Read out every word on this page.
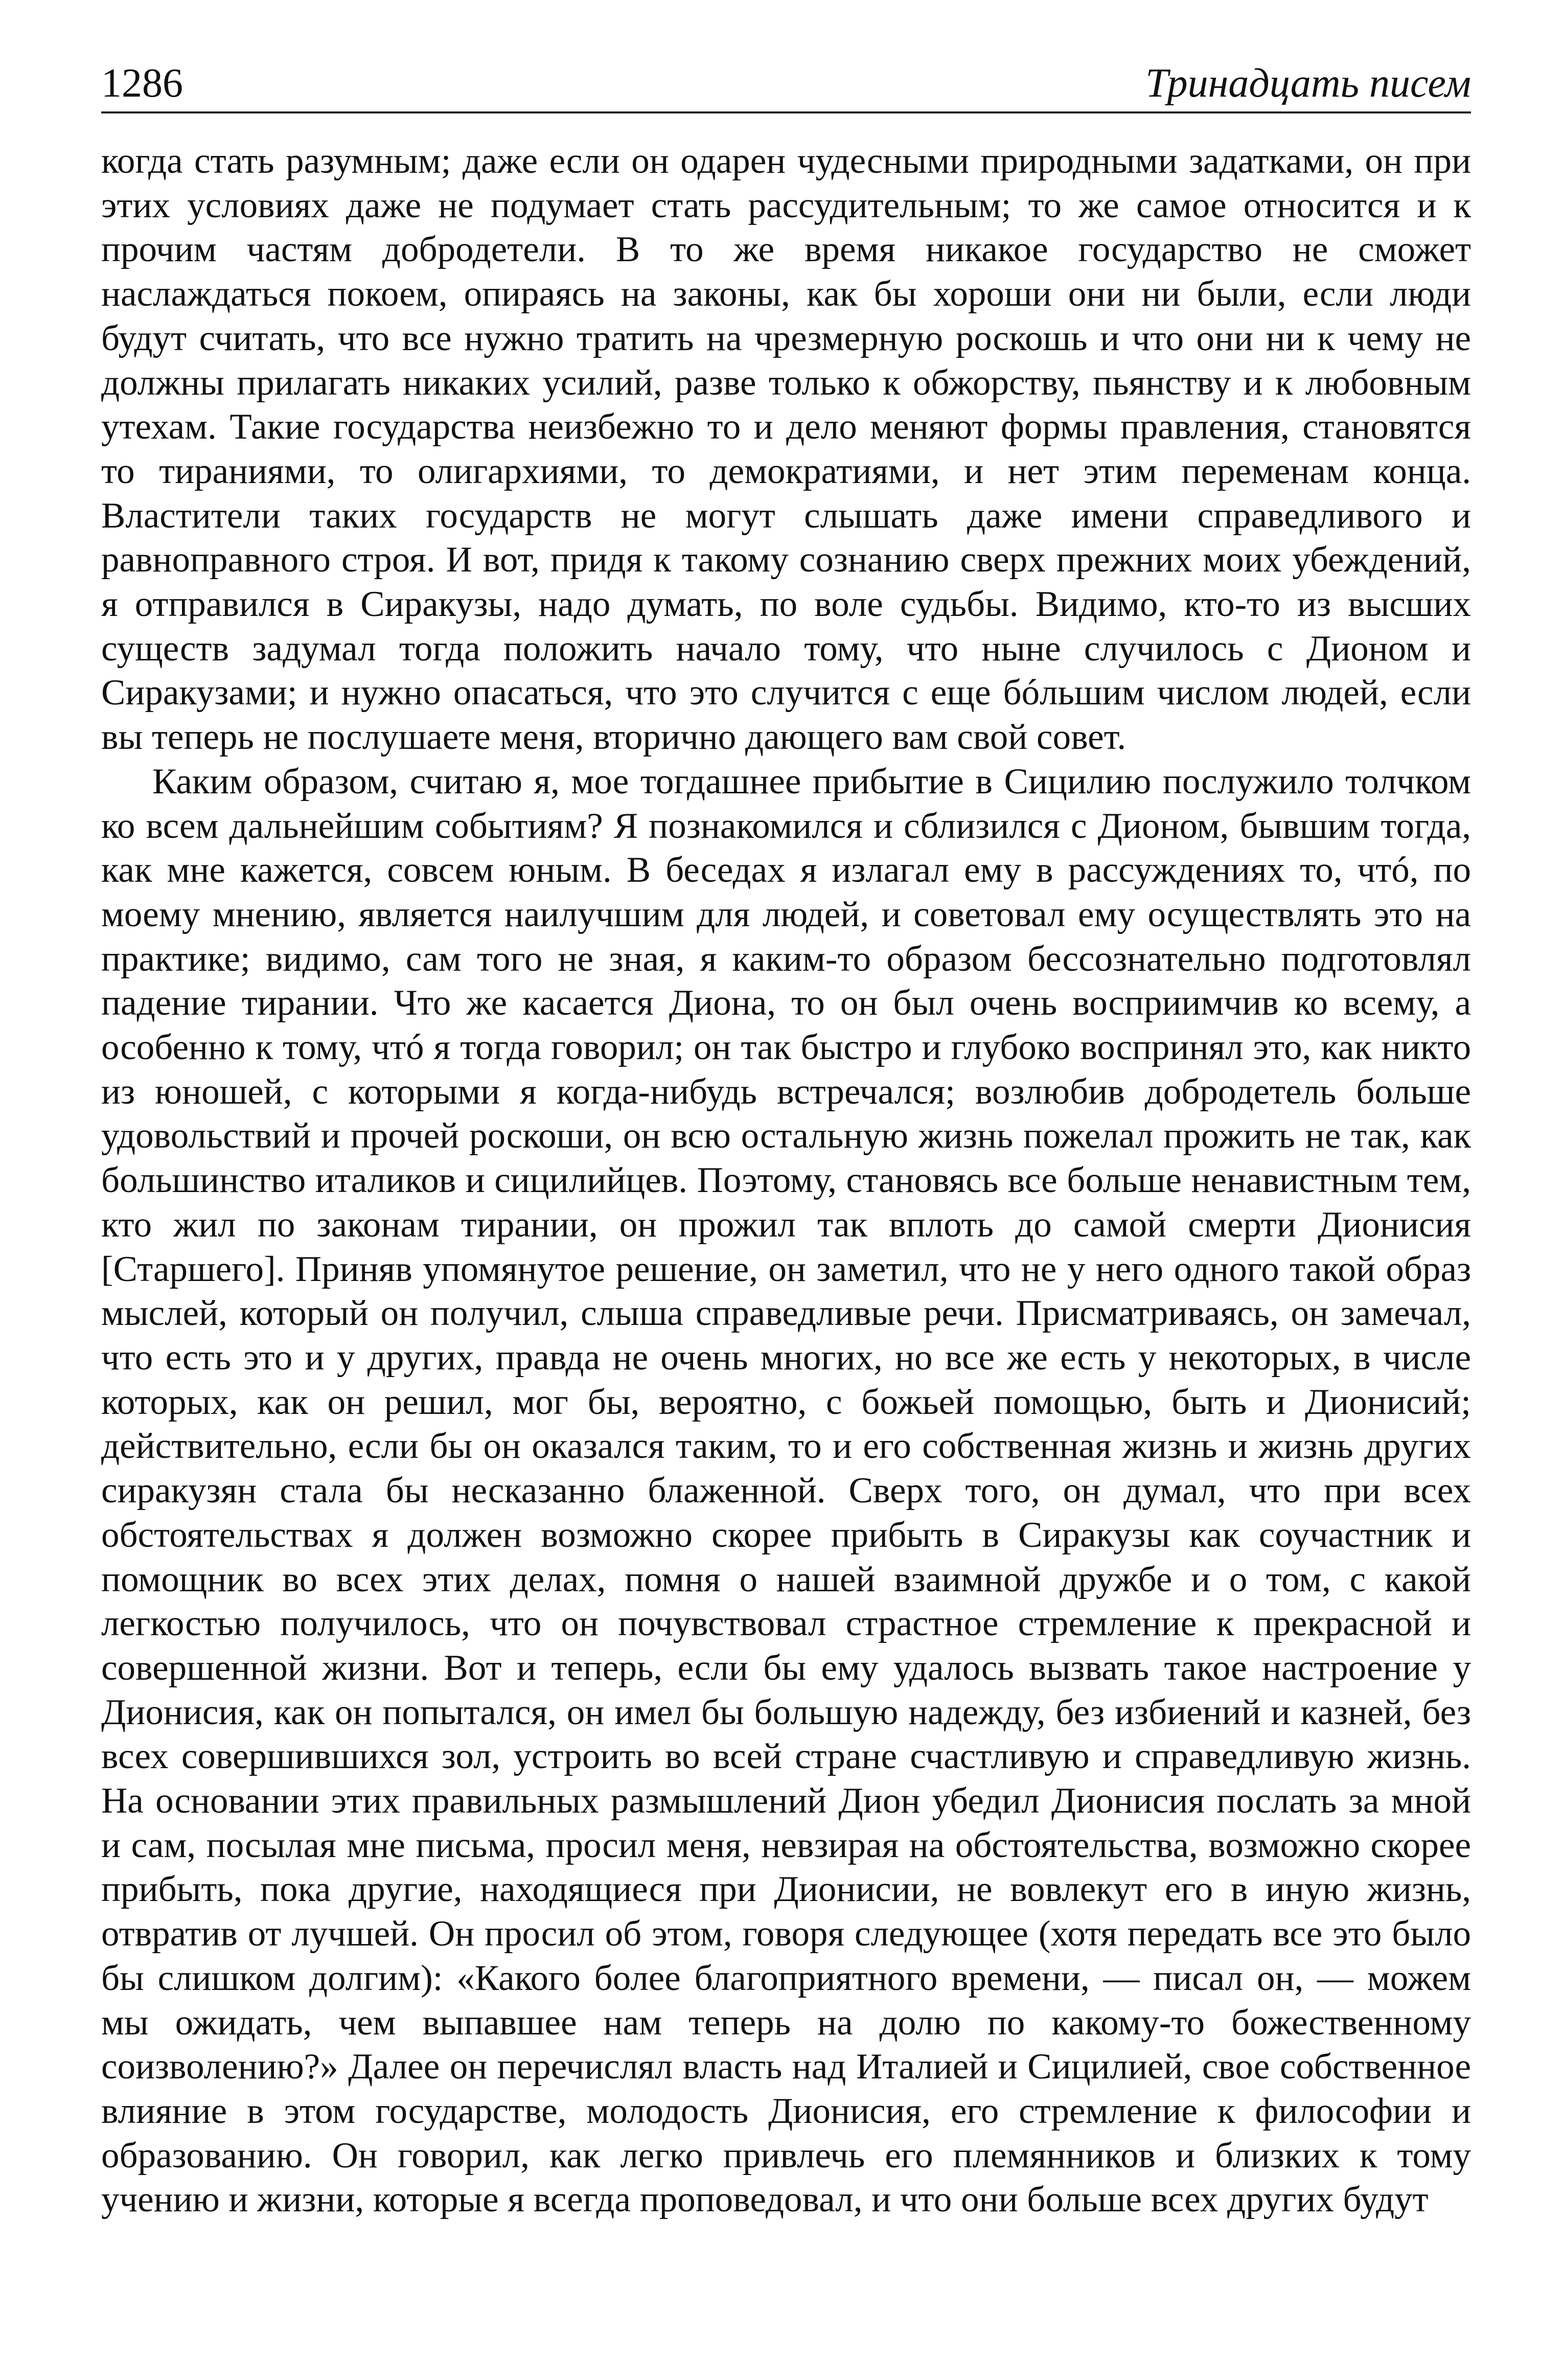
1286	Тринадцать писем

когда стать разумным; даже если он одарен чудесными природными задатками, он при этих условиях даже не подумает стать рассудительным; то же самое относится и к прочим частям добродетели. В то же время никакое государство не сможет наслаждаться покоем, опираясь на законы, как бы хороши они ни были, если люди будут считать, что все нужно тратить на чрезмерную роскошь и что они ни к чему не должны прилагать никаких усилий, разве только к обжорству, пьянству и к любовным утехам. Такие государства неизбежно то и дело меняют формы правления, становятся то тираниями, то олигархиями, то демократиями, и нет этим переменам конца. Властители таких государств не могут слышать даже имени справедливого и равноправного строя. И вот, придя к такому сознанию сверх прежних моих убеждений, я отправился в Сиракузы, надо думать, по воле судьбы. Видимо, кто-то из высших существ задумал тогда положить начало тому, что ныне случилось с Дионом и Сиракузами; и нужно опасаться, что это случится с еще бóльшим числом людей, если вы теперь не послушаете меня, вторично дающего вам свой совет.

Каким образом, считаю я, мое тогдашнее прибытие в Сицилию послужило толчком ко всем дальнейшим событиям? Я познакомился и сблизился с Дионом, бывшим тогда, как мне кажется, совсем юным. В беседах я излагал ему в рассуждениях то, чтó, по моему мнению, является наилучшим для людей, и советовал ему осуществлять это на практике; видимо, сам того не зная, я каким-то образом бессознательно подготовлял падение тирании. Что же касается Диона, то он был очень восприимчив ко всему, а особенно к тому, чтó я тогда говорил; он так быстро и глубоко воспринял это, как никто из юношей, с которыми я когда-нибудь встречался; возлюбив добродетель больше удовольствий и прочей роскоши, он всю остальную жизнь пожелал прожить не так, как большинство италиков и сицилийцев. Поэтому, становясь все больше ненавистным тем, кто жил по законам тирании, он прожил так вплоть до самой смерти Дионисия [Старшего]. Приняв упомянутое решение, он заметил, что не у него одного такой образ мыслей, который он получил, слыша справедливые речи. Присматриваясь, он замечал, что есть это и у других, правда не очень многих, но все же есть у некоторых, в числе которых, как он решил, мог бы, вероятно, с божьей помощью, быть и Дионисий; действительно, если бы он оказался таким, то и его собственная жизнь и жизнь других сиракузян стала бы несказанно блаженной. Сверх того, он думал, что при всех обстоятельствах я должен возможно скорее прибыть в Сиракузы как соучастник и помощник во всех этих делах, помня о нашей взаимной дружбе и о том, с какой легкостью получилось, что он почувствовал страстное стремление к прекрасной и совершенной жизни. Вот и теперь, если бы ему удалось вызвать такое настроение у Дионисия, как он попытался, он имел бы большую надежду, без избиений и казней, без всех совершившихся зол, устроить во всей стране счастливую и справедливую жизнь. На основании этих правильных размышлений Дион убедил Дионисия послать за мной и сам, посылая мне письма, просил меня, невзирая на обстоятельства, возможно скорее прибыть, пока другие, находящиеся при Дионисии, не вовлекут его в иную жизнь, отвратив от лучшей. Он просил об этом, говоря следующее (хотя передать все это было бы слишком долгим): «Какого более благоприятного времени, — писал он, — можем мы ожидать, чем выпавшее нам теперь на долю по какому-то божественному соизволению?» Далее он перечислял власть над Италией и Сицилией, свое собственное влияние в этом государстве, молодость Дионисия, его стремление к философии и образованию. Он говорил, как легко привлечь его племянников и близких к тому учению и жизни, которые я всегда проповедовал, и что они больше всех других будут
